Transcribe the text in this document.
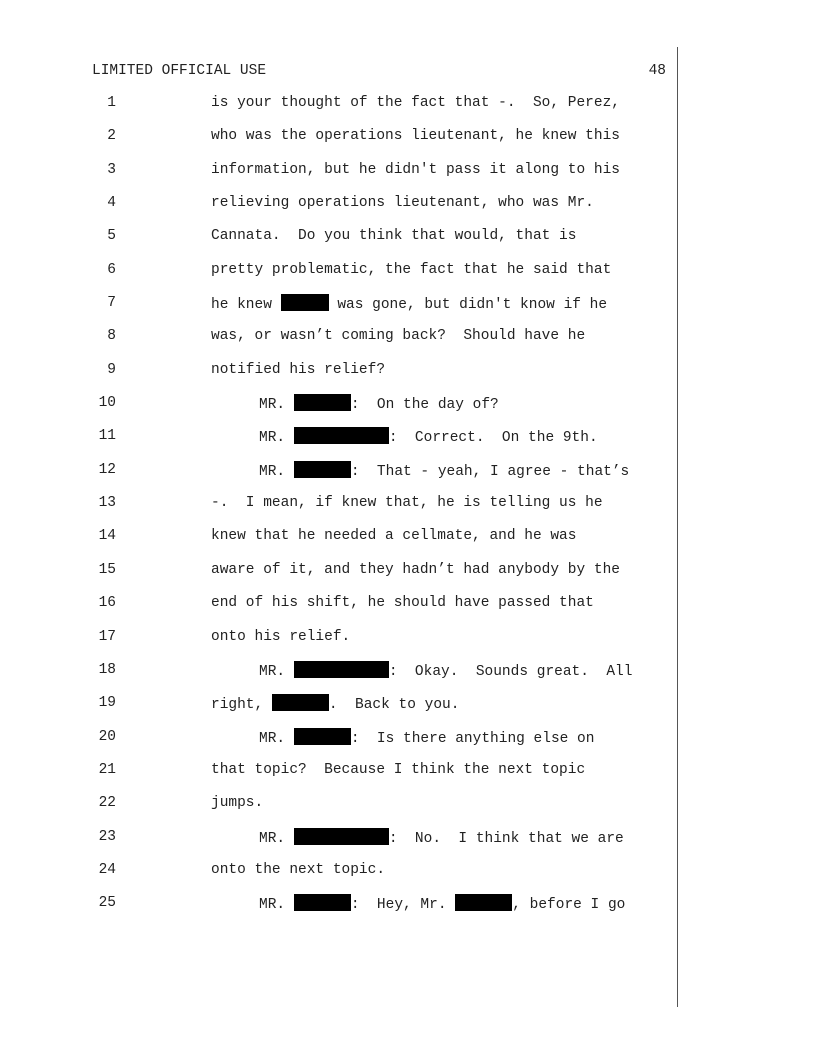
LIMITED OFFICIAL USE	48
1	is your thought of the fact that -.  So, Perez,
2	who was the operations lieutenant, he knew this
3	information, but he didn't pass it along to his
4	relieving operations lieutenant, who was Mr.
5	Cannata.  Do you think that would, that is
6	pretty problematic, the fact that he said that
7	he knew	was gone, but didn't know if he
8	was, or wasn’t coming back?  Should have he
9	notified his relief?
10	MR.	:  On the day of?
11	MR.	:  Correct.  On the 9th.
12	MR.	:  That - yeah, I agree - that’s
13	-.  I mean, if knew that, he is telling us he
14	knew that he needed a cellmate, and he was
15	aware of it, and they hadn’t had anybody by the
16	end of his shift, he should have passed that
17	onto his relief.
18	MR.	:  Okay.  Sounds great.  All
19	right,	.  Back to you.
20	MR.	:  Is there anything else on
21	that topic?  Because I think the next topic
22	jumps.
23	MR.	:  No.  I think that we are
24	onto the next topic.
25	MR.	:  Hey, Mr.	, before I go
